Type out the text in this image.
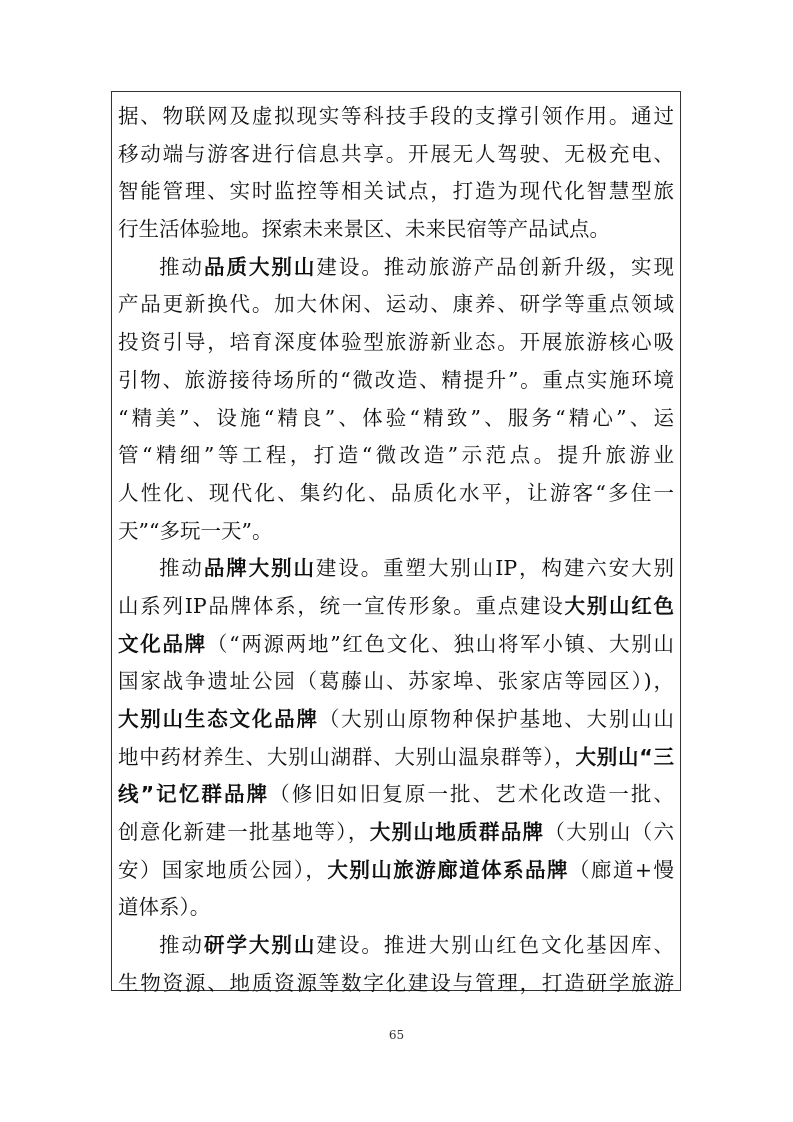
据、物联网及虚拟现实等科技手段的支撑引领作用。通过
移动端与游客进行信息共享。开展无人驾驶、无极充电、
智能管理、实时监控等相关试点，打造为现代化智慧型旅
行生活体验地。探索未来景区、未来民宿等产品试点。
推动品质大别山建设。推动旅游产品创新升级，实现
产品更新换代。加大休闲、运动、康养、研学等重点领域
投资引导，培育深度体验型旅游新业态。开展旅游核心吸
引物、旅游接待场所的“微改造、精提升”。重点实施环境
“精美”、设施“精良”、体验“精致”、服务“精心”、运
管“精细”等工程，打造“微改造”示范点。提升旅游业
人性化、现代化、集约化、品质化水平，让游客“多住一
天”“多玩一天”。
推动品牌大别山建设。重塑大别山IP，构建六安大别
山系列IP品牌体系，统一宣传形象。重点建设大别山红色
文化品牌（“两源两地”红色文化、独山将军小镇、大别山
国家战争遗址公园（葛藤山、苏家埠、张家店等园区）)，
大别山生态文化品牌（大别山原物种保护基地、大别山山
地中药材养生、大别山湖群、大别山温泉群等），大别山“三
线”记忆群品牌（修旧如旧复原一批、艺术化改造一批、
创意化新建一批基地等），大别山地质群品牌（大别山（六
安）国家地质公园），大别山旅游廊道体系品牌（廊道+慢
道体系）。
推动研学大别山建设。推进大别山红色文化基因库、
生物资源、地质资源等数字化建设与管理，打造研学旅游
65
